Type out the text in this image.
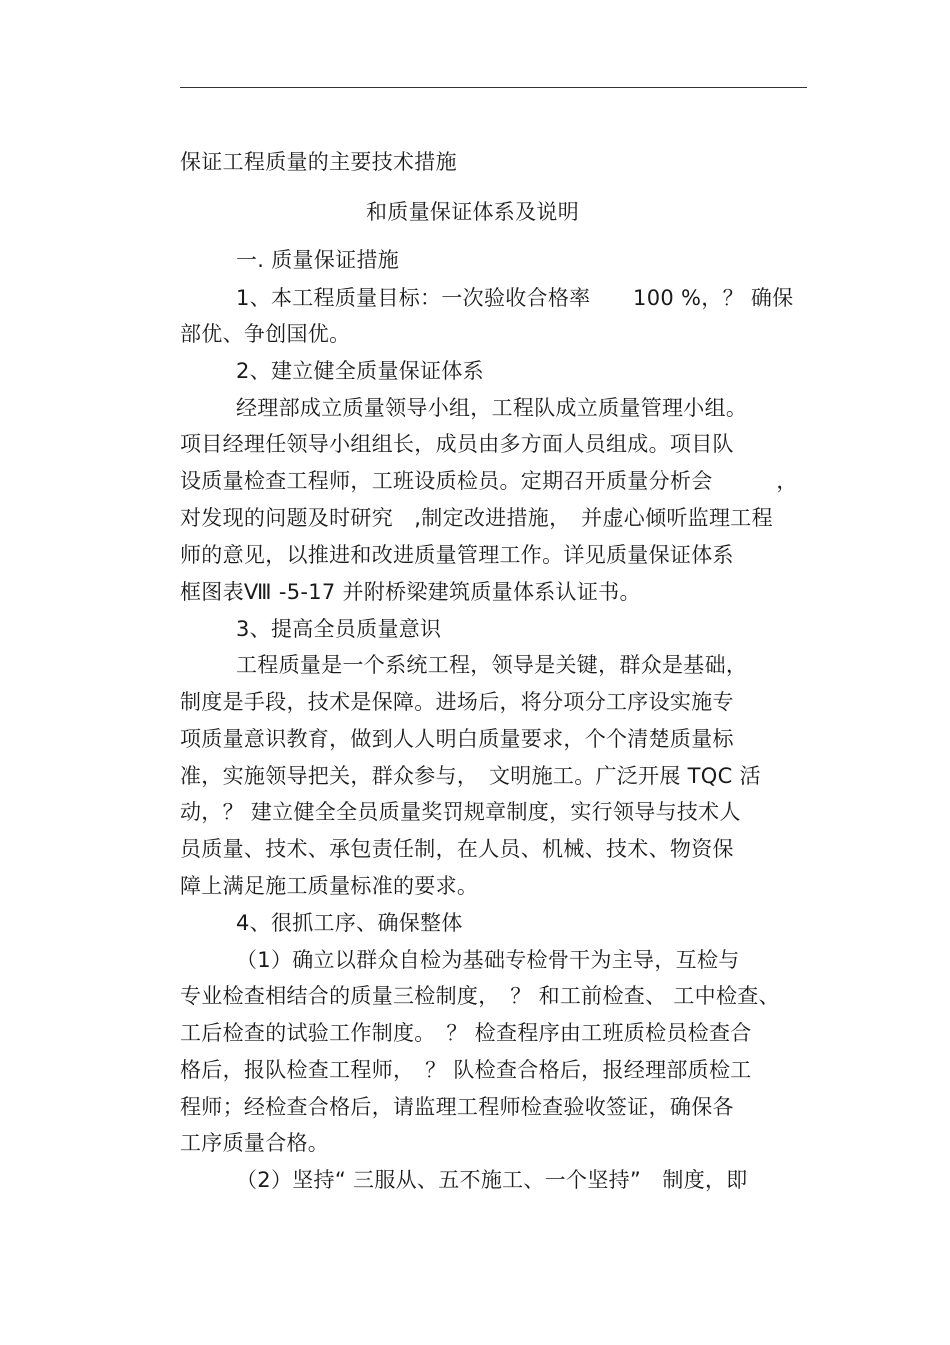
保证工程质量的主要技术措施
和质量保证体系及说明
一. 质量保证措施
1、本工程质量目标：一次验收合格率　　100 %，？ 确保
部优、争创国优。
2、建立健全质量保证体系
经理部成立质量领导小组，工程队成立质量管理小组。
项目经理任领导小组组长，成员由多方面人员组成。项目队
设质量检查工程师，工班设质检员。定期召开质量分析会　　　，
对发现的问题及时研究　,制定改进措施，　并虚心倾听监理工程
师的意见，以推进和改进质量管理工作。详见质量保证体系
框图表Ⅷ -5-17 并附桥梁建筑质量体系认证书。
3、提高全员质量意识
工程质量是一个系统工程，领导是关键，群众是基础，
制度是手段，技术是保障。进场后，将分项分工序设实施专
项质量意识教育，做到人人明白质量要求，个个清楚质量标
准，实施领导把关，群众参与，　文明施工。广泛开展 TQC 活
动，？ 建立健全全员质量奖罚规章制度，实行领导与技术人
员质量、技术、承包责任制，在人员、机械、技术、物资保
障上满足施工质量标准的要求。
4、很抓工序、确保整体
（1）确立以群众自检为基础专检骨干为主导，互检与
专业检查相结合的质量三检制度，　？ 和工前检查、 工中检查、
工后检查的试验工作制度。　？ 检查程序由工班质检员检查合
格后，报队检查工程师，　？ 队检查合格后，报经理部质检工
程师；经检查合格后，请监理工程师检查验收签证，确保各
工序质量合格。
（2）坚持“ 三服从、五不施工、一个坚持”　制度，即
